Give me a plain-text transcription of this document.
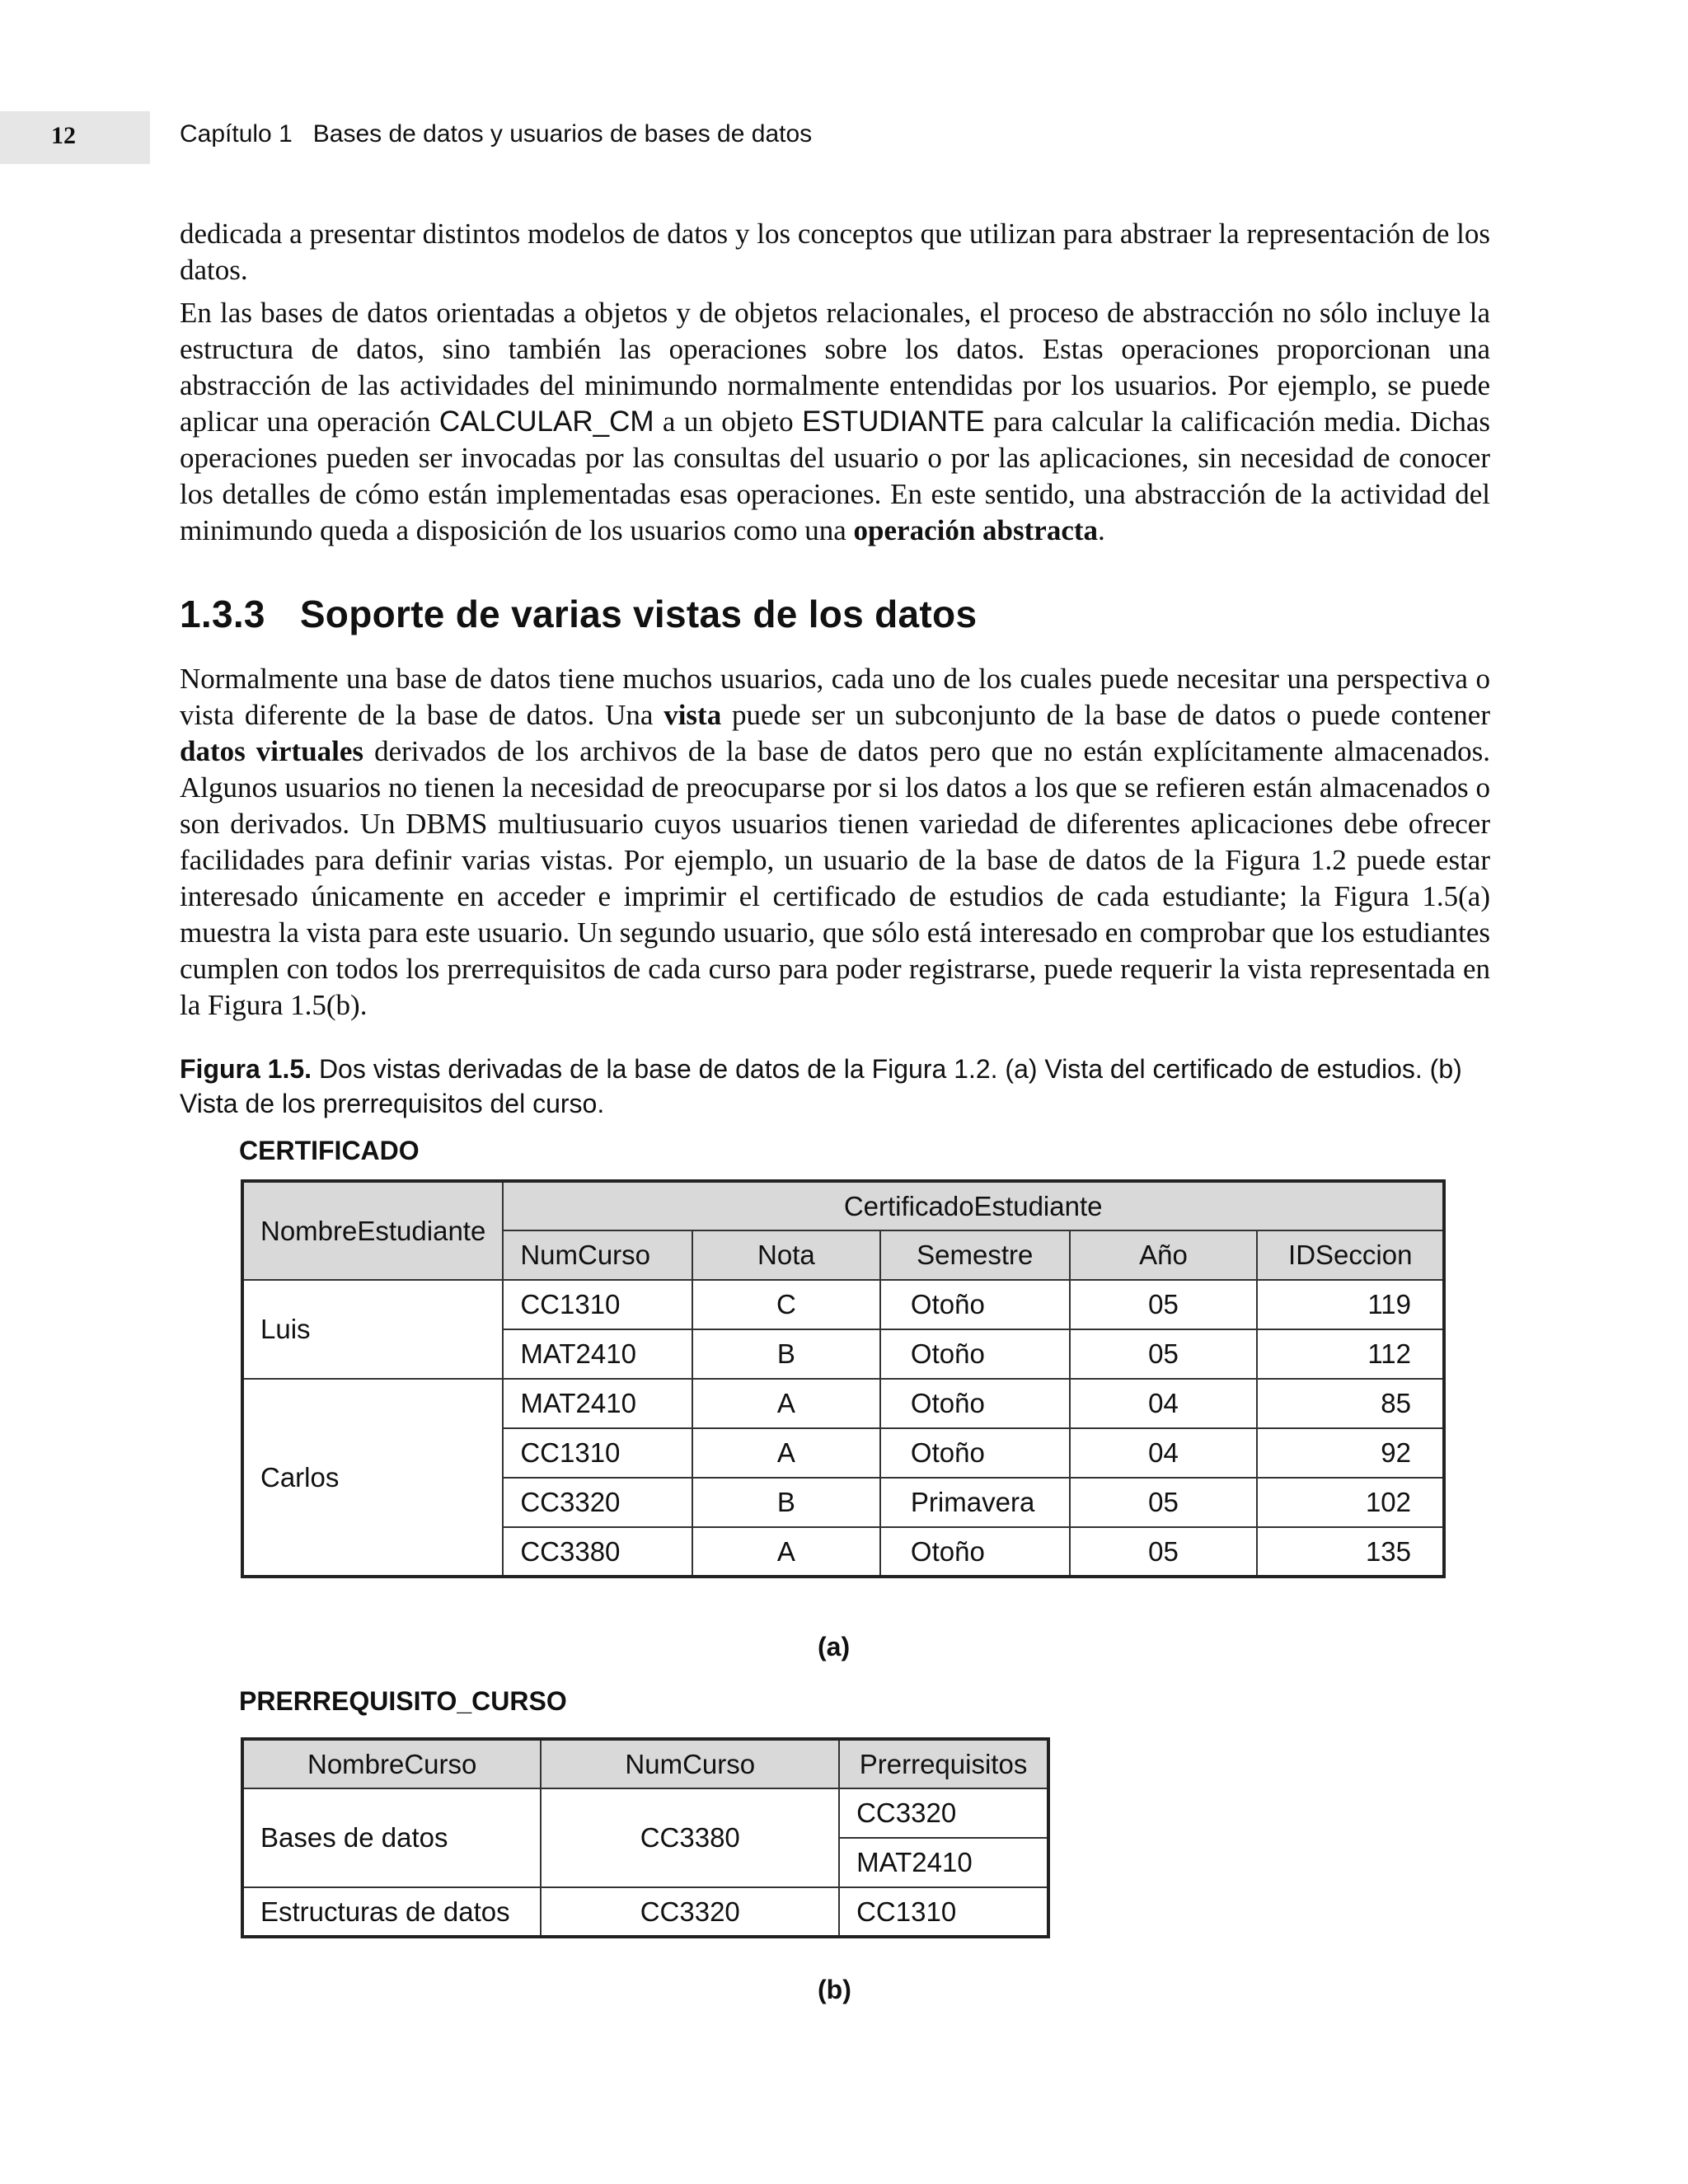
12	Capítulo 1   Bases de datos y usuarios de bases de datos

dedicada a presentar distintos modelos de datos y los conceptos que utilizan para abstraer la representación de los datos.

En las bases de datos orientadas a objetos y de objetos relacionales, el proceso de abstracción no sólo incluye la estructura de datos, sino también las operaciones sobre los datos. Estas operaciones proporcionan una abstracción de las actividades del minimundo normalmente entendidas por los usuarios. Por ejemplo, se puede aplicar una operación CALCULAR_CM a un objeto ESTUDIANTE para calcular la calificación media. Dichas operaciones pueden ser invocadas por las consultas del usuario o por las aplicaciones, sin necesidad de conocer los detalles de cómo están implementadas esas operaciones. En este sentido, una abstracción de la actividad del minimundo queda a disposición de los usuarios como una operación abstracta.

1.3.3 Soporte de varias vistas de los datos

Normalmente una base de datos tiene muchos usuarios, cada uno de los cuales puede necesitar una perspectiva o vista diferente de la base de datos. Una vista puede ser un subconjunto de la base de datos o puede contener datos virtuales derivados de los archivos de la base de datos pero que no están explícitamente almacenados. Algunos usuarios no tienen la necesidad de preocuparse por si los datos a los que se refieren están almacenados o son derivados. Un DBMS multiusuario cuyos usuarios tienen variedad de diferentes aplicaciones debe ofrecer facilidades para definir varias vistas. Por ejemplo, un usuario de la base de datos de la Figura 1.2 puede estar interesado únicamente en acceder e imprimir el certificado de estudios de cada estudiante; la Figura 1.5(a) muestra la vista para este usuario. Un segundo usuario, que sólo está interesado en comprobar que los estudiantes cumplen con todos los prerrequisitos de cada curso para poder registrarse, puede requerir la vista representada en la Figura 1.5(b).

Figura 1.5. Dos vistas derivadas de la base de datos de la Figura 1.2. (a) Vista del certificado de estudios. (b) Vista de los prerrequisitos del curso.

CERTIFICADO
NombreEstudiante	CertificadoEstudiante				
	NumCurso	Nota	Semestre	Año	IDSeccion
Luis	CC1310	C	Otoño	05	119
	MAT2410	B	Otoño	05	112
Carlos	MAT2410	A	Otoño	04	85
	CC1310	A	Otoño	04	92
	CC3320	B	Primavera	05	102
	CC3380	A	Otoño	05	135
(a)
PRERREQUISITO_CURSO
NombreCurso	NumCurso	Prerrequisitos
Bases de datos	CC3380	CC3320
		MAT2410
Estructuras de datos	CC3320	CC1310
(b)
